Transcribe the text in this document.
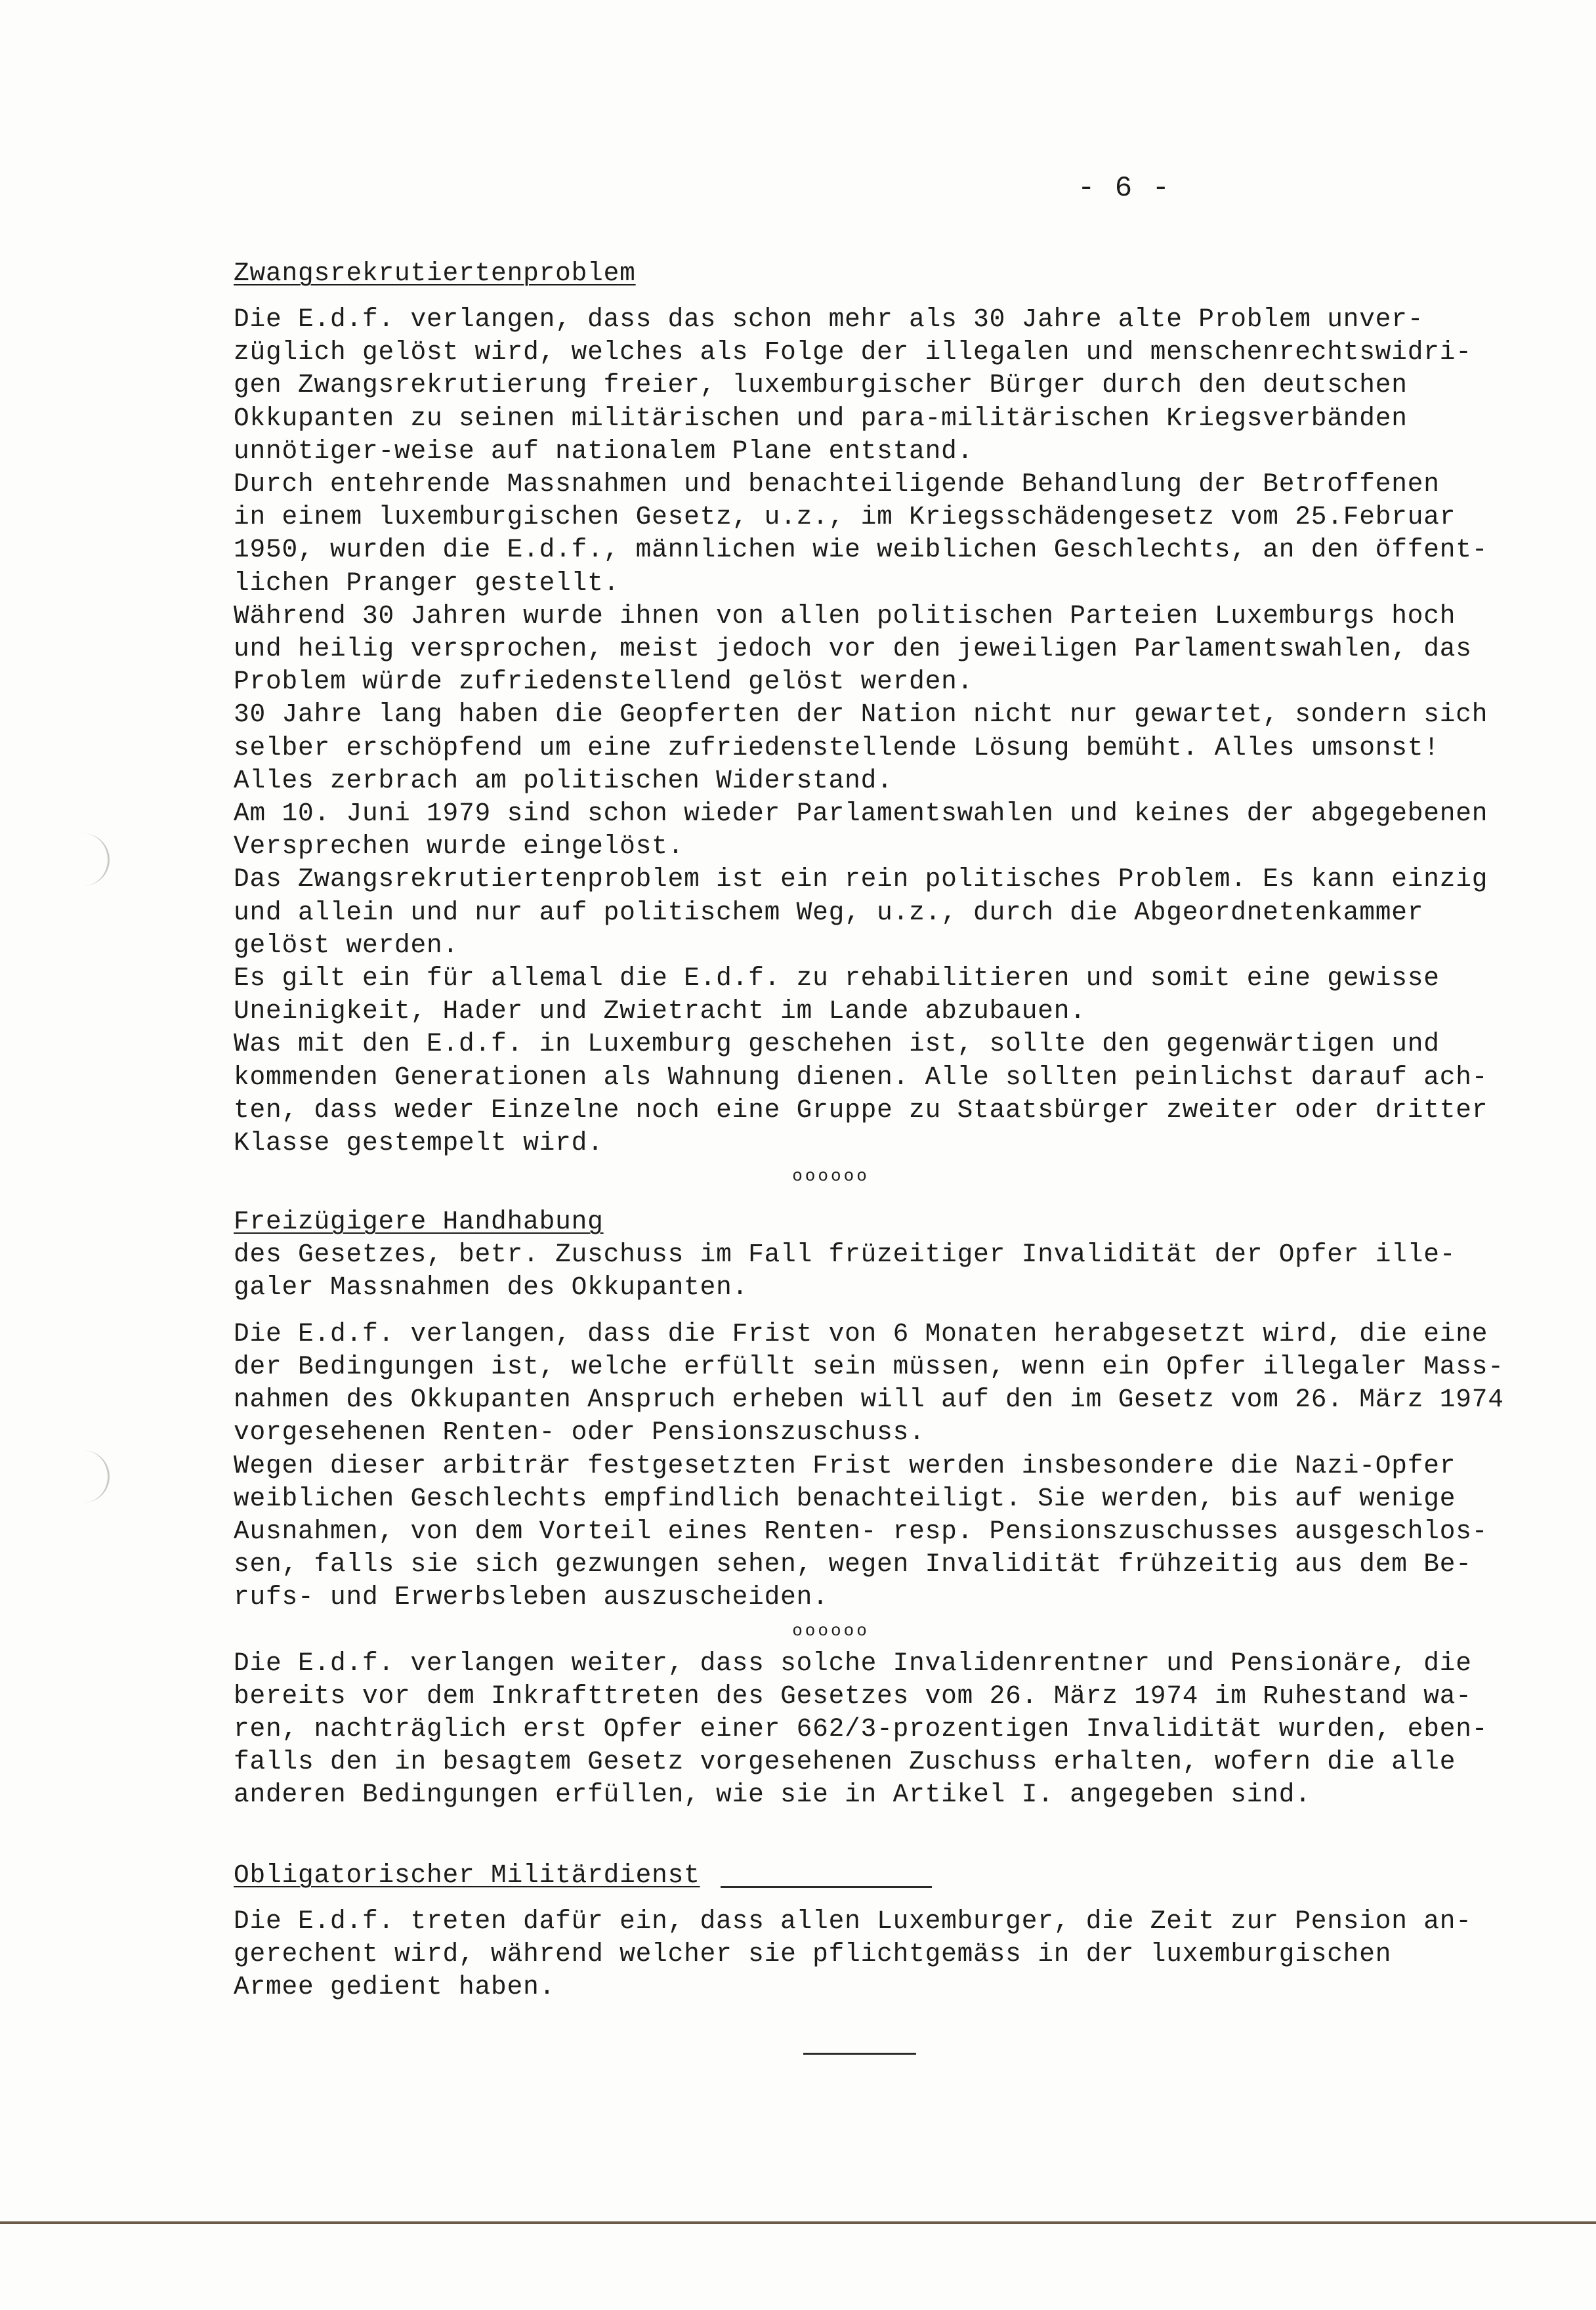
- 6 -
Zwangsrekrutiertenproblem

Die E.d.f. verlangen, dass das schon mehr als 30 Jahre alte Problem unver-
züglich gelöst wird, welches als Folge der illegalen und menschenrechtswidri-
gen Zwangsrekrutierung freier, luxemburgischer Bürger durch den deutschen
Okkupanten zu seinen militärischen und para-militärischen Kriegsverbänden
unnötiger-weise auf nationalem Plane entstand.

Durch entehrende Massnahmen und benachteiligende Behandlung der Betroffenen
in einem luxemburgischen Gesetz, u.z., im Kriegsschädengesetz vom 25.Februar
1950, wurden die E.d.f., männlichen wie weiblichen Geschlechts, an den öffent-
lichen Pranger gestellt.

Während 30 Jahren wurde ihnen von allen politischen Parteien Luxemburgs hoch
und heilig versprochen, meist jedoch vor den jeweiligen Parlamentswahlen, das
Problem würde zufriedenstellend gelöst werden.

30 Jahre lang haben die Geopferten der Nation nicht nur gewartet, sondern sich
selber erschöpfend um eine zufriedenstellende Lösung bemüht. Alles umsonst!
Alles zerbrach am politischen Widerstand.

Am 10. Juni 1979 sind schon wieder Parlamentswahlen und keines der abgegebenen
Versprechen wurde eingelöst.

Das Zwangsrekrutiertenproblem ist ein rein politisches Problem. Es kann einzig
und allein und nur auf politischem Weg, u.z., durch die Abgeordnetenkammer
gelöst werden.

Es gilt ein für allemal die E.d.f. zu rehabilitieren und somit eine gewisse
Uneinigkeit, Hader und Zwietracht im Lande abzubauen.

Was mit den E.d.f. in Luxemburg geschehen ist, sollte den gegenwärtigen und
kommenden Generationen als Wahnung dienen. Alle sollten peinlichst darauf ach-
ten, dass weder Einzelne noch eine Gruppe zu Staatsbürger zweiter oder dritter
Klasse gestempelt wird.

oooooo
Freizügigere Handhabung

des Gesetzes, betr. Zuschuss im Fall früzeitiger Invalidität der Opfer ille-
galer Massnahmen des Okkupanten.

Die E.d.f. verlangen, dass die Frist von 6 Monaten herabgesetzt wird, die eine
der Bedingungen ist, welche erfüllt sein müssen, wenn ein Opfer illegaler Mass-
nahmen des Okkupanten Anspruch erheben will auf den im Gesetz vom 26. März 1974
vorgesehenen Renten- oder Pensionszuschuss.

Wegen dieser arbiträr festgesetzten Frist werden insbesondere die Nazi-Opfer
weiblichen Geschlechts empfindlich benachteiligt. Sie werden, bis auf wenige
Ausnahmen, von dem Vorteil eines Renten- resp. Pensionszuschusses ausgeschlos-
sen, falls sie sich gezwungen sehen, wegen Invalidität frühzeitig aus dem Be-
rufs- und Erwerbsleben auszuscheiden.

oooooo

Die E.d.f. verlangen weiter, dass solche Invalidenrentner und Pensionäre, die
bereits vor dem Inkrafttreten des Gesetzes vom 26. März 1974 im Ruhestand wa-
ren, nachträglich erst Opfer einer 662/3-prozentigen Invalidität wurden, eben-
falls den in besagtem Gesetz vorgesehenen Zuschuss erhalten, wofern die alle
anderen Bedingungen erfüllen, wie sie in Artikel I. angegeben sind.

Obligatorischer Militärdienst

Die E.d.f. treten dafür ein, dass allen Luxemburger, die Zeit zur Pension an-
gerechent wird, während welcher sie pflichtgemäss in der luxemburgischen
Armee gedient haben.
